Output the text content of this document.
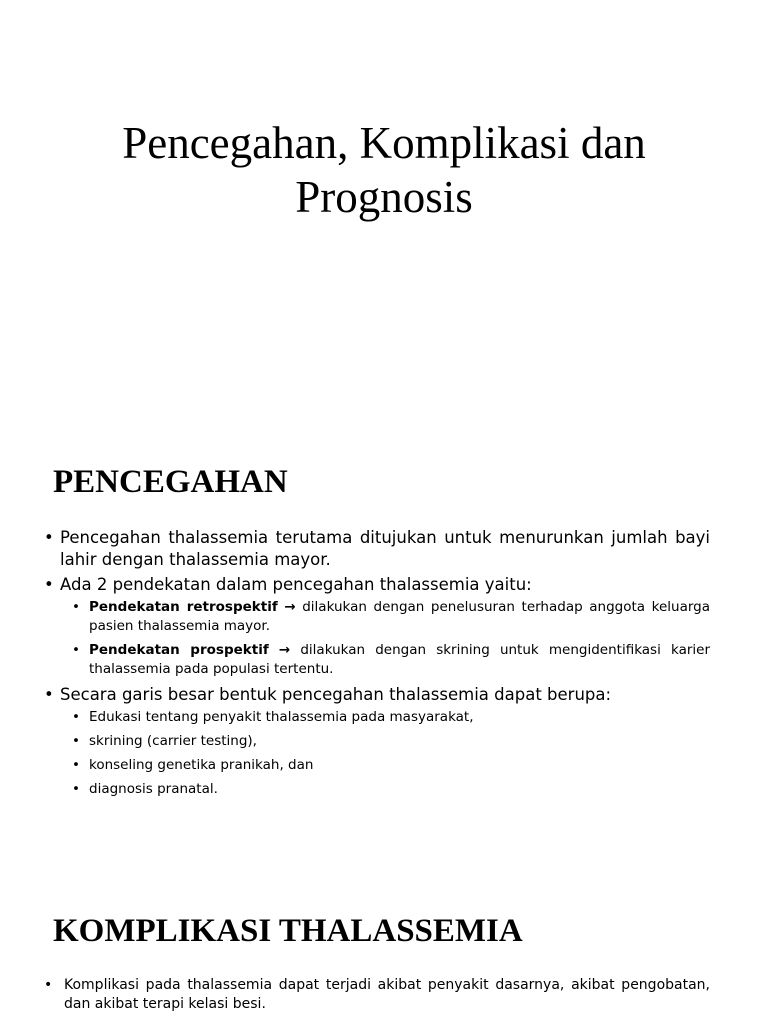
Pencegahan, Komplikasi dan
Prognosis
PENCEGAHAN
• Pencegahan thalassemia terutama ditujukan untuk menurunkan jumlah bayi lahir dengan thalassemia mayor.
• Ada 2 pendekatan dalam pencegahan thalassemia yaitu:
• Pendekatan retrospektif → dilakukan dengan penelusuran terhadap anggota keluarga pasien thalassemia mayor.
• Pendekatan prospektif → dilakukan dengan skrining untuk mengidentifikasi karier thalassemia pada populasi tertentu.
• Secara garis besar bentuk pencegahan thalassemia dapat berupa:
• Edukasi tentang penyakit thalassemia pada masyarakat,
• skrining (carrier testing),
• konseling genetika pranikah, dan
• diagnosis pranatal.
KOMPLIKASI THALASSEMIA
• Komplikasi pada thalassemia dapat terjadi akibat penyakit dasarnya, akibat pengobatan, dan akibat terapi kelasi besi.
